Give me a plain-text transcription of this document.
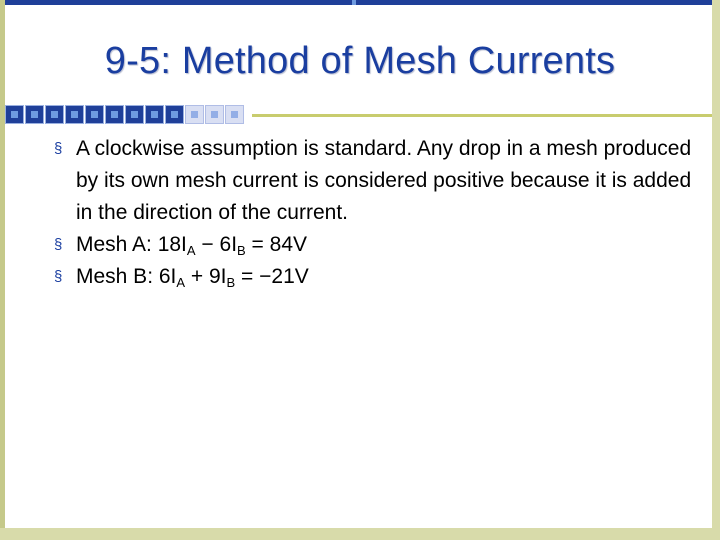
9-5: Method of Mesh Currents
§ A clockwise assumption is standard. Any drop in a mesh produced by its own mesh current is considered positive because it is added in the direction of the current.
§ Mesh A: $18I_A - 6I_B = 84V$
§ Mesh B: $6I_A + 9I_B = -21V$
